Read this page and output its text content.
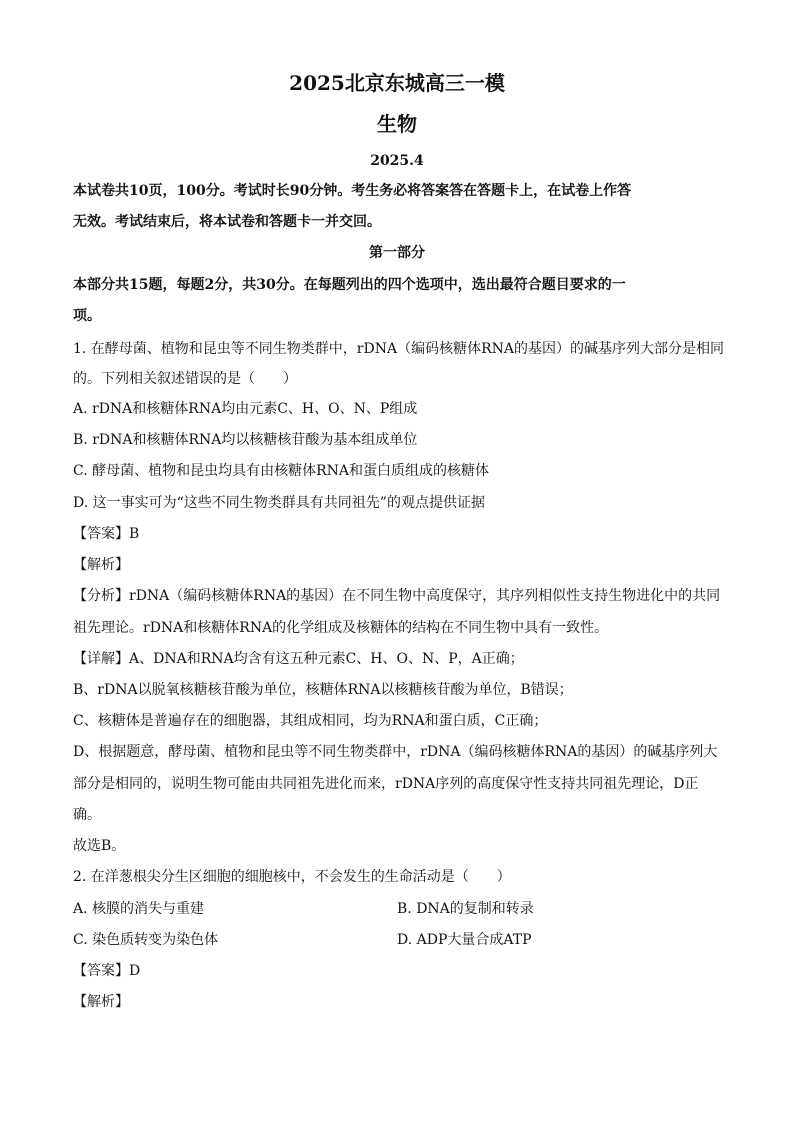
2025北京东城高三一模
生物
2025.4
本试卷共10页，100分。考试时长90分钟。考生务必将答案答在答题卡上，在试卷上作答
无效。考试结束后，将本试卷和答题卡一并交回。
第一部分
本部分共15题，每题2分，共30分。在每题列出的四个选项中，选出最符合题目要求的一
项。
1. 在酵母菌、植物和昆虫等不同生物类群中，rDNA（编码核糖体RNA的基因）的碱基序列大部分是相同
的。下列相关叙述错误的是（　　）
A. rDNA和核糖体RNA均由元素C、H、O、N、P组成
B. rDNA和核糖体RNA均以核糖核苷酸为基本组成单位
C. 酵母菌、植物和昆虫均具有由核糖体RNA和蛋白质组成的核糖体
D. 这一事实可为“这些不同生物类群具有共同祖先”的观点提供证据
【答案】B
【解析】
【分析】rDNA（编码核糖体RNA的基因）在不同生物中高度保守，其序列相似性支持生物进化中的共同
祖先理论。rDNA和核糖体RNA的化学组成及核糖体的结构在不同生物中具有一致性。
【详解】A、DNA和RNA均含有这五种元素C、H、O、N、P，A正确；
B、rDNA以脱氧核糖核苷酸为单位，核糖体RNA以核糖核苷酸为单位，B错误；
C、核糖体是普遍存在的细胞器，其组成相同，均为RNA和蛋白质，C正确；
D、根据题意，酵母菌、植物和昆虫等不同生物类群中，rDNA（编码核糖体RNA的基因）的碱基序列大
部分是相同的，说明生物可能由共同祖先进化而来，rDNA序列的高度保守性支持共同祖先理论，D正
确。
故选B。
2. 在洋葱根尖分生区细胞的细胞核中，不会发生的生命活动是（　　）
A. 核膜的消失与重建	B. DNA的复制和转录
C. 染色质转变为染色体	D. ADP大量合成ATP
【答案】D
【解析】
